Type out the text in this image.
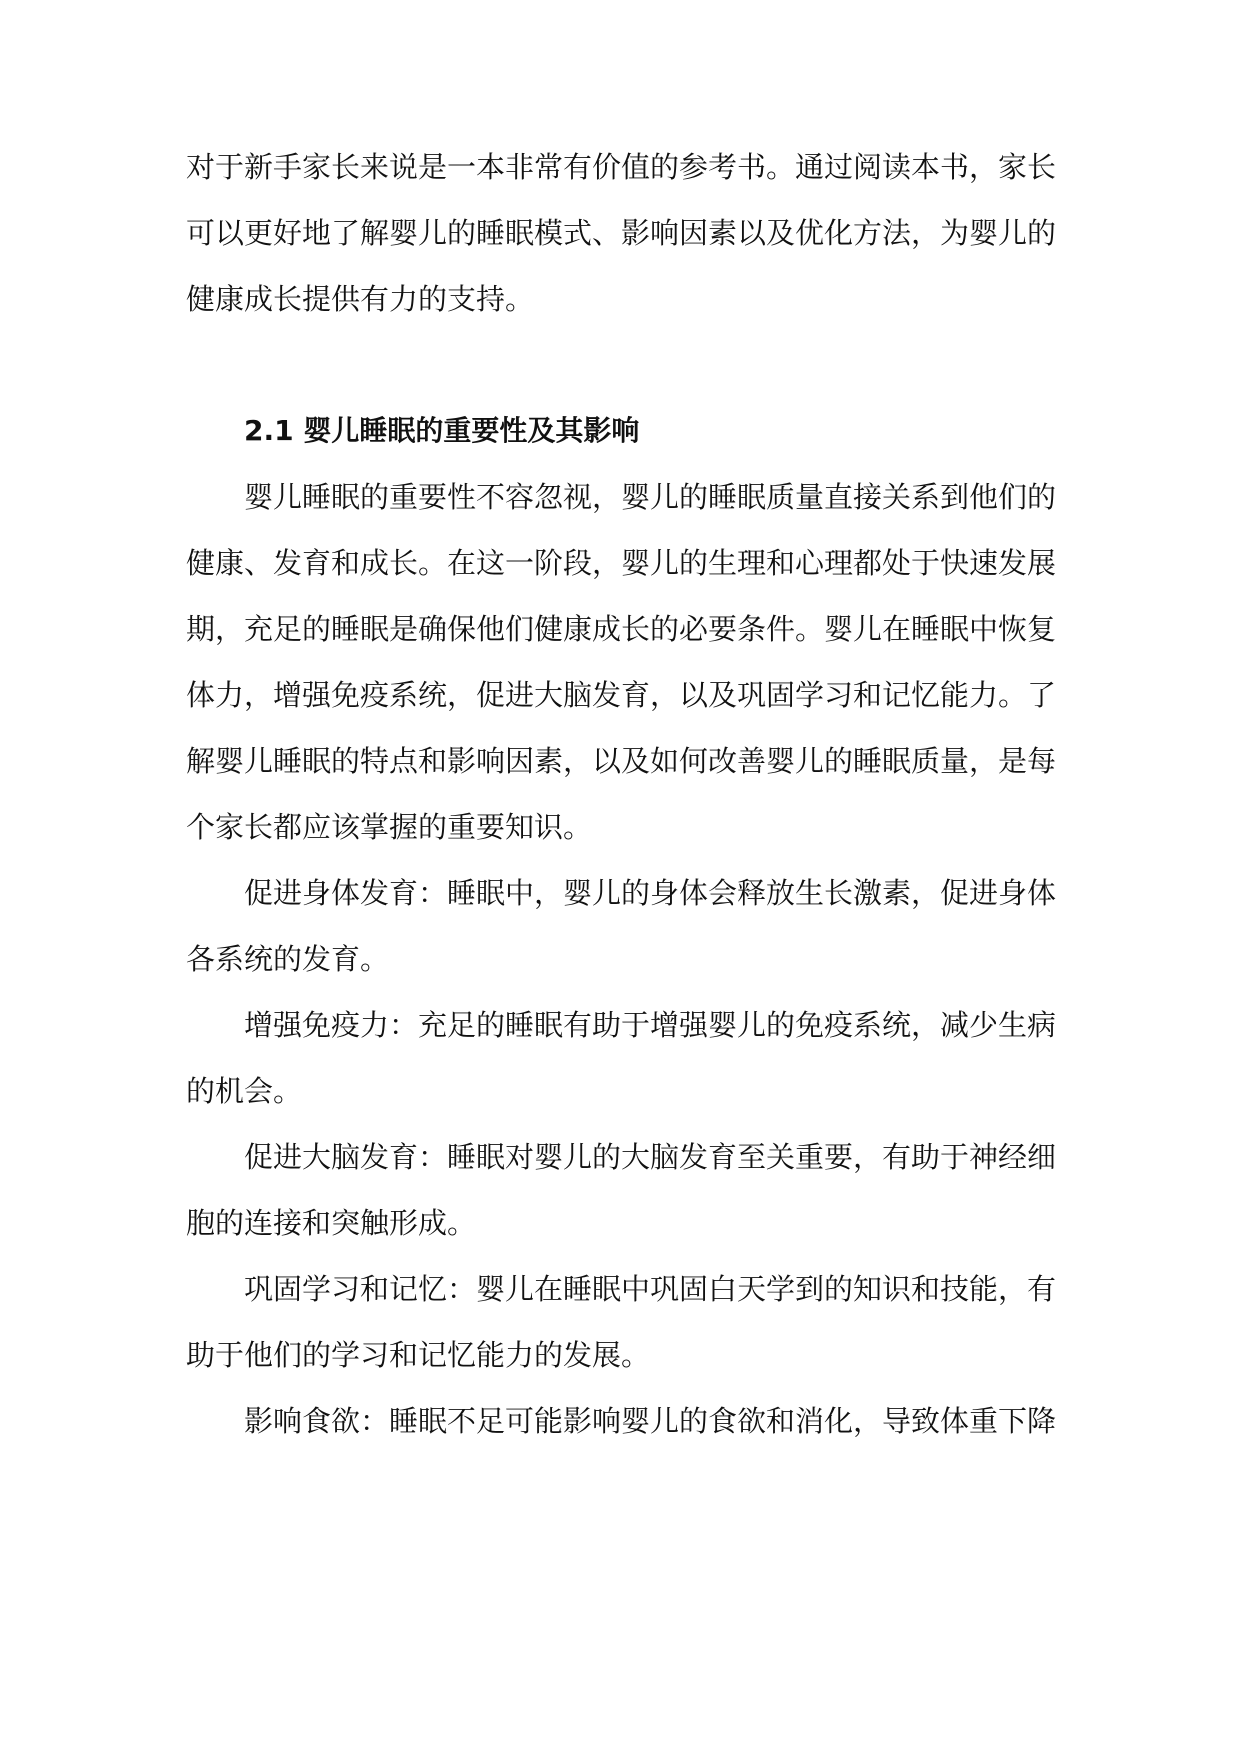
对于新手家长来说是一本非常有价值的参考书。通过阅读本书，家长可以更好地了解婴儿的睡眠模式、影响因素以及优化方法，为婴儿的健康成长提供有力的支持。

2.1 婴儿睡眠的重要性及其影响

婴儿睡眠的重要性不容忽视，婴儿的睡眠质量直接关系到他们的健康、发育和成长。在这一阶段，婴儿的生理和心理都处于快速发展期，充足的睡眠是确保他们健康成长的必要条件。婴儿在睡眠中恢复体力，增强免疫系统，促进大脑发育，以及巩固学习和记忆能力。了解婴儿睡眠的特点和影响因素，以及如何改善婴儿的睡眠质量，是每个家长都应该掌握的重要知识。

促进身体发育：睡眠中，婴儿的身体会释放生长激素，促进身体各系统的发育。

增强免疫力：充足的睡眠有助于增强婴儿的免疫系统，减少生病的机会。

促进大脑发育：睡眠对婴儿的大脑发育至关重要，有助于神经细胞的连接和突触形成。

巩固学习和记忆：婴儿在睡眠中巩固白天学到的知识和技能，有助于他们的学习和记忆能力的发展。

影响食欲：睡眠不足可能影响婴儿的食欲和消化，导致体重下降
